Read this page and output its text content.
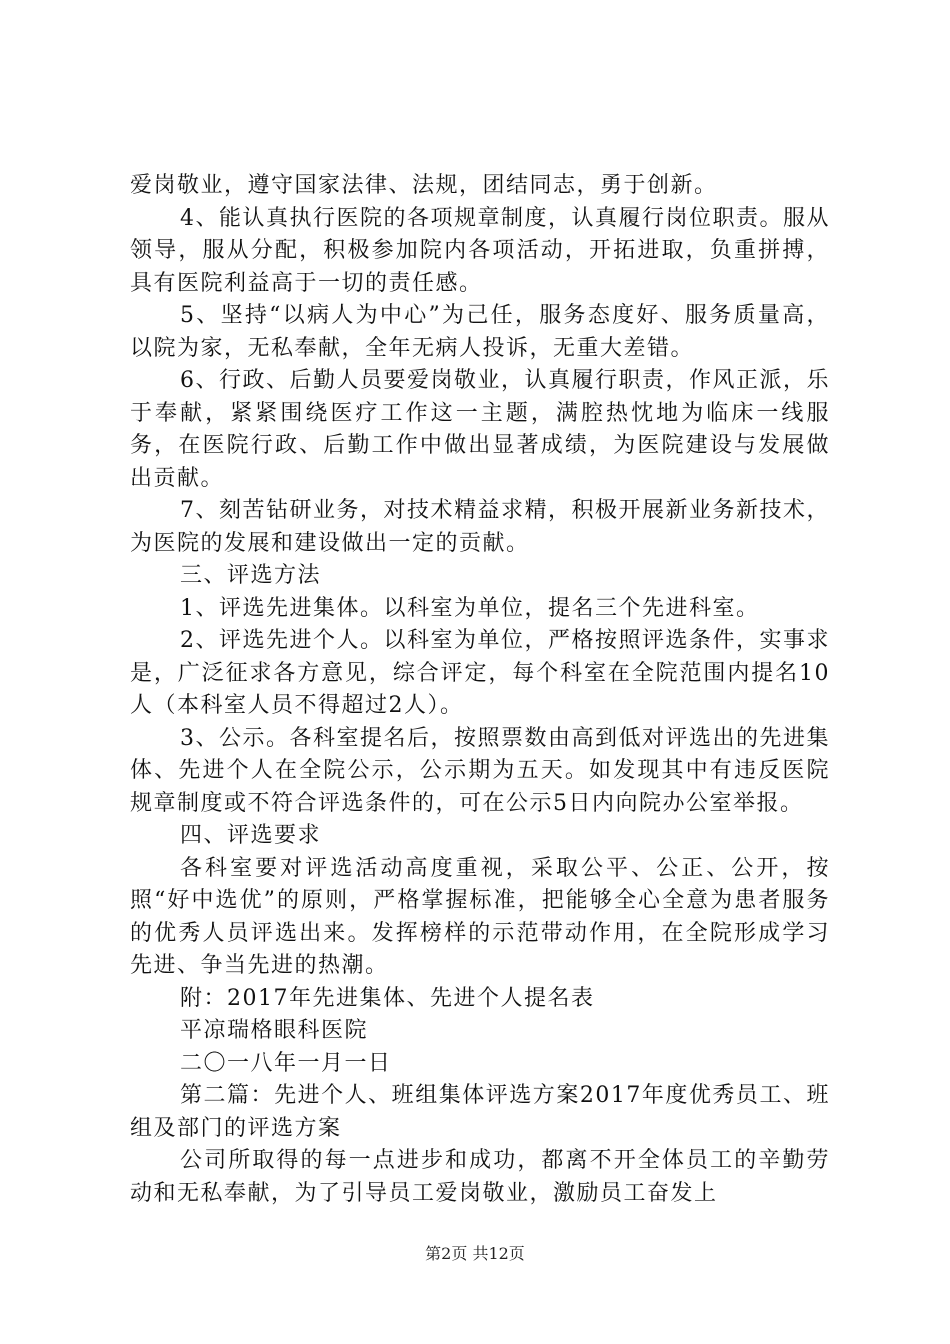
爱岗敬业，遵守国家法律、法规，团结同志，勇于创新。

4、能认真执行医院的各项规章制度，认真履行岗位职责。服从领导，服从分配，积极参加院内各项活动，开拓进取，负重拼搏，具有医院利益高于一切的责任感。

5、坚持“以病人为中心”为己任，服务态度好、服务质量高，以院为家，无私奉献，全年无病人投诉，无重大差错。

6、行政、后勤人员要爱岗敬业，认真履行职责，作风正派，乐于奉献，紧紧围绕医疗工作这一主题，满腔热忱地为临床一线服务，在医院行政、后勤工作中做出显著成绩，为医院建设与发展做出贡献。

7、刻苦钻研业务，对技术精益求精，积极开展新业务新技术，为医院的发展和建设做出一定的贡献。

三、评选方法

1、评选先进集体。以科室为单位，提名三个先进科室。

2、评选先进个人。以科室为单位，严格按照评选条件，实事求是，广泛征求各方意见，综合评定，每个科室在全院范围内提名10人（本科室人员不得超过2人）。

3、公示。各科室提名后，按照票数由高到低对评选出的先进集体、先进个人在全院公示，公示期为五天。如发现其中有违反医院规章制度或不符合评选条件的，可在公示5日内向院办公室举报。

四、评选要求

各科室要对评选活动高度重视，采取公平、公正、公开，按照“好中选优”的原则，严格掌握标准，把能够全心全意为患者服务的优秀人员评选出来。发挥榜样的示范带动作用，在全院形成学习先进、争当先进的热潮。

附：2017年先进集体、先进个人提名表

平凉瑞格眼科医院

二〇一八年一月一日

第二篇：先进个人、班组集体评选方案2017年度优秀员工、班组及部门的评选方案

公司所取得的每一点进步和成功，都离不开全体员工的辛勤劳动和无私奉献，为了引导员工爱岗敬业，激励员工奋发上

第2页 共12页
